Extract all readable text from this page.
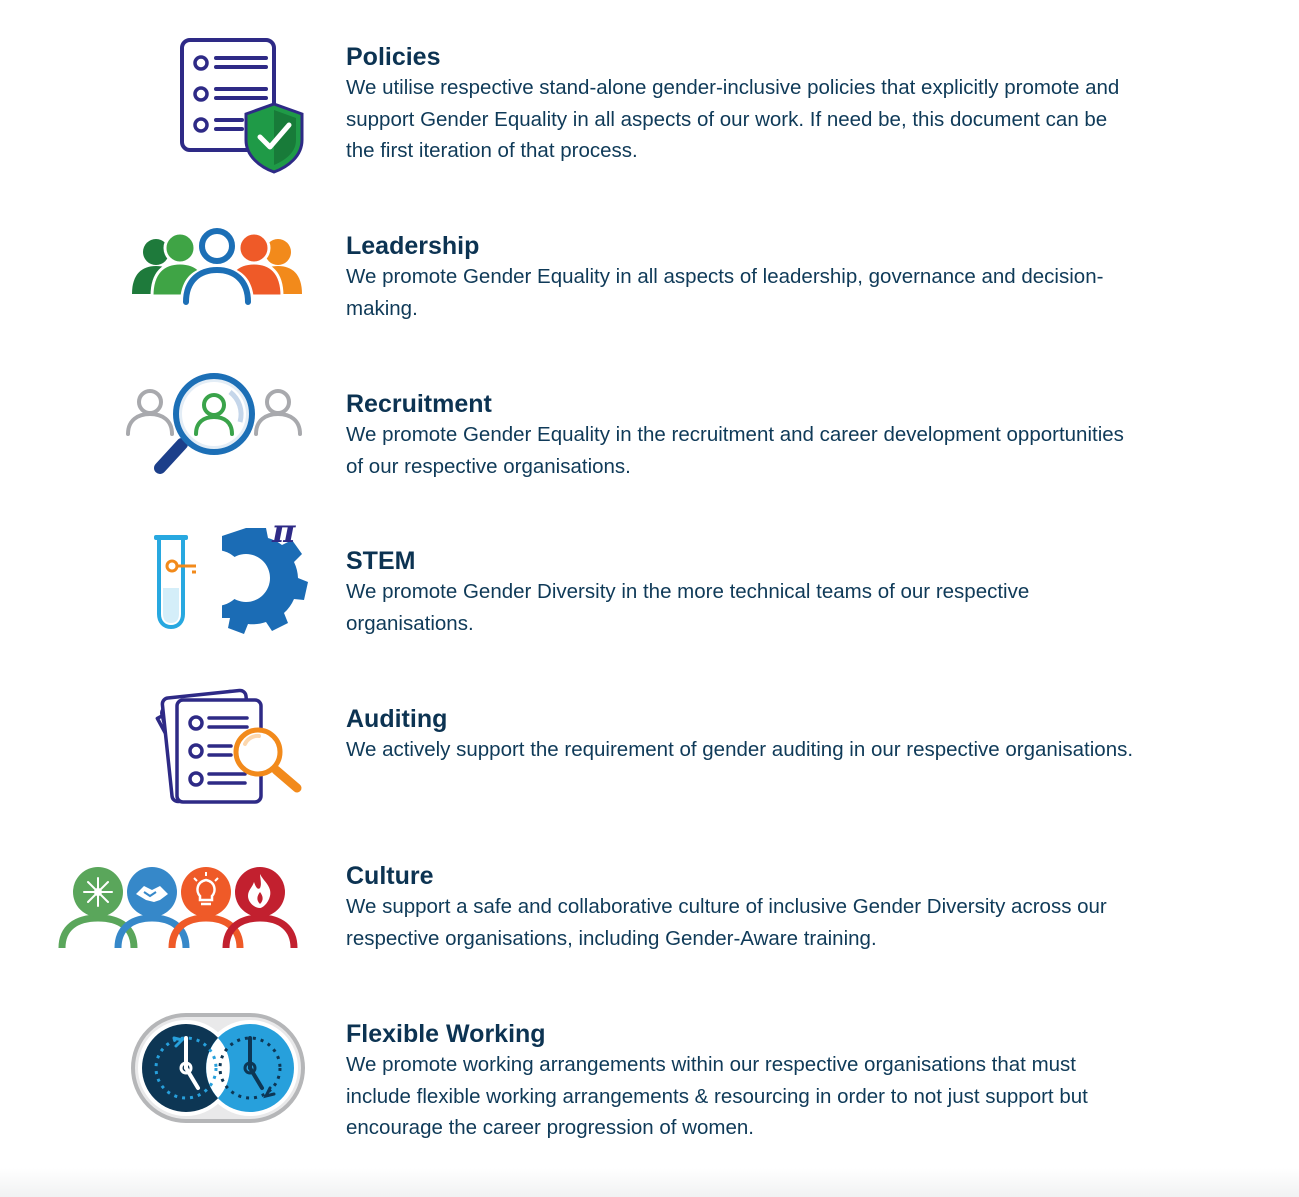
Policies

We utilise respective stand-alone gender-inclusive policies that explicitly promote and support Gender Equality in all aspects of our work. If need be, this document can be the first iteration of that process.

Leadership

We promote Gender Equality in all aspects of leadership, governance and decision-making.

Recruitment

We promote Gender Equality in the recruitment and career development opportunities of our respective organisations.

π
STEM

We promote Gender Diversity in the more technical teams of our respective organisations.

Auditing

We actively support the requirement of gender auditing in our respective organisations.

Culture

We support a safe and collaborative culture of inclusive Gender Diversity across our respective organisations, including Gender-Aware training.

Flexible Working

We promote working arrangements within our respective organisations that must include flexible working arrangements & resourcing in order to not just support but encourage the career progression of women.
